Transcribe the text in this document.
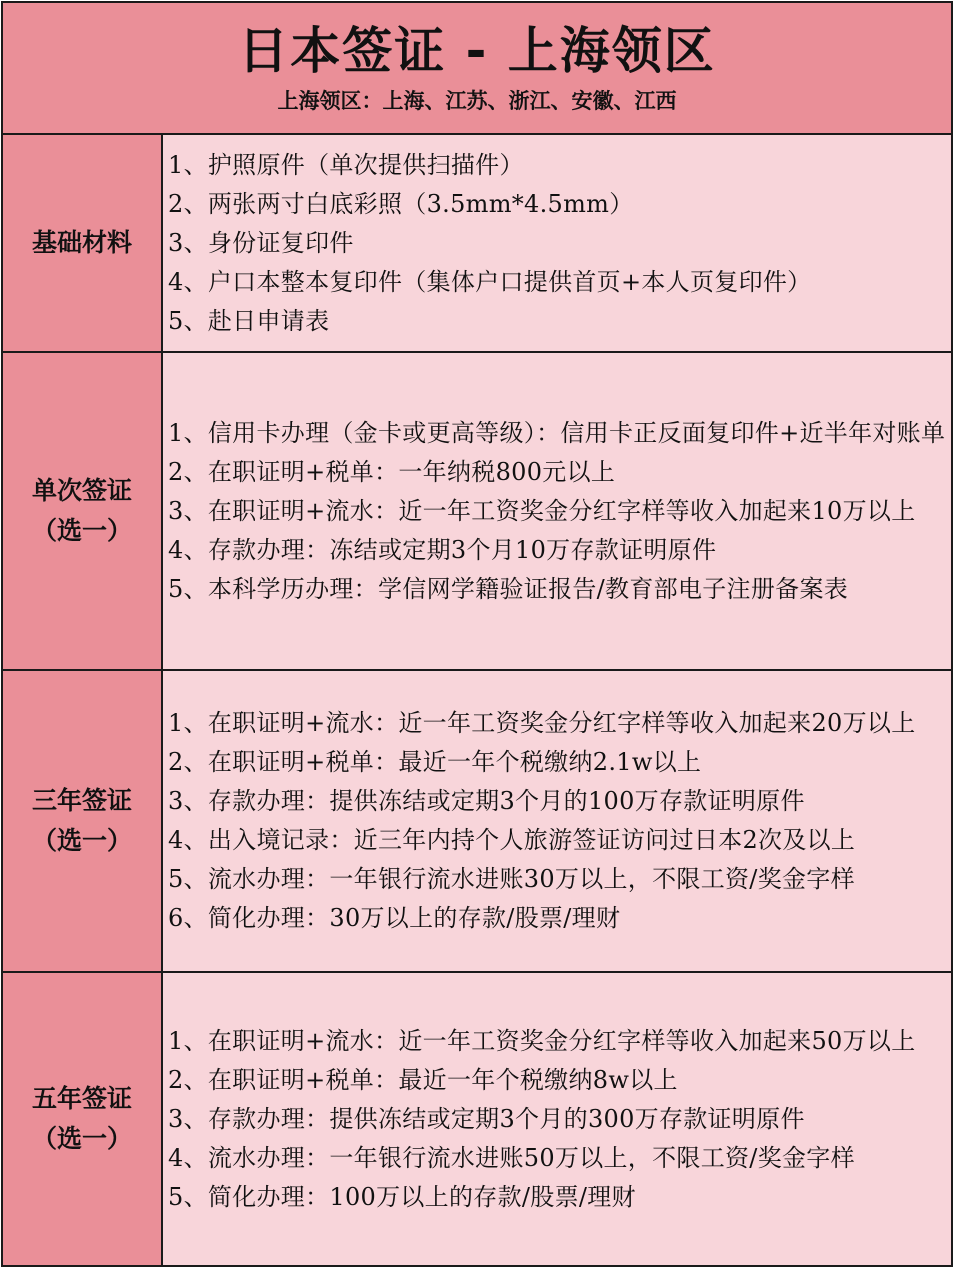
日本签证 - 上海领区
上海领区：上海、江苏、浙江、安徽、江西
基础材料
1、护照原件（单次提供扫描件）
2、两张两寸白底彩照（3.5mm*4.5mm）
3、身份证复印件
4、户口本整本复印件（集体户口提供首页+本人页复印件）
5、赴日申请表
单次签证
（选一）
1、信用卡办理（金卡或更高等级）：信用卡正反面复印件+近半年对账单
2、在职证明+税单：一年纳税800元以上
3、在职证明+流水：近一年工资奖金分红字样等收入加起来10万以上
4、存款办理：冻结或定期3个月10万存款证明原件
5、本科学历办理：学信网学籍验证报告/教育部电子注册备案表
三年签证
（选一）
1、在职证明+流水：近一年工资奖金分红字样等收入加起来20万以上
2、在职证明+税单：最近一年个税缴纳2.1w以上
3、存款办理：提供冻结或定期3个月的100万存款证明原件
4、出入境记录：近三年内持个人旅游签证访问过日本2次及以上
5、流水办理：一年银行流水进账30万以上，不限工资/奖金字样
6、简化办理：30万以上的存款/股票/理财
五年签证
（选一）
1、在职证明+流水：近一年工资奖金分红字样等收入加起来50万以上
2、在职证明+税单：最近一年个税缴纳8w以上
3、存款办理：提供冻结或定期3个月的300万存款证明原件
4、流水办理：一年银行流水进账50万以上，不限工资/奖金字样
5、简化办理：100万以上的存款/股票/理财
